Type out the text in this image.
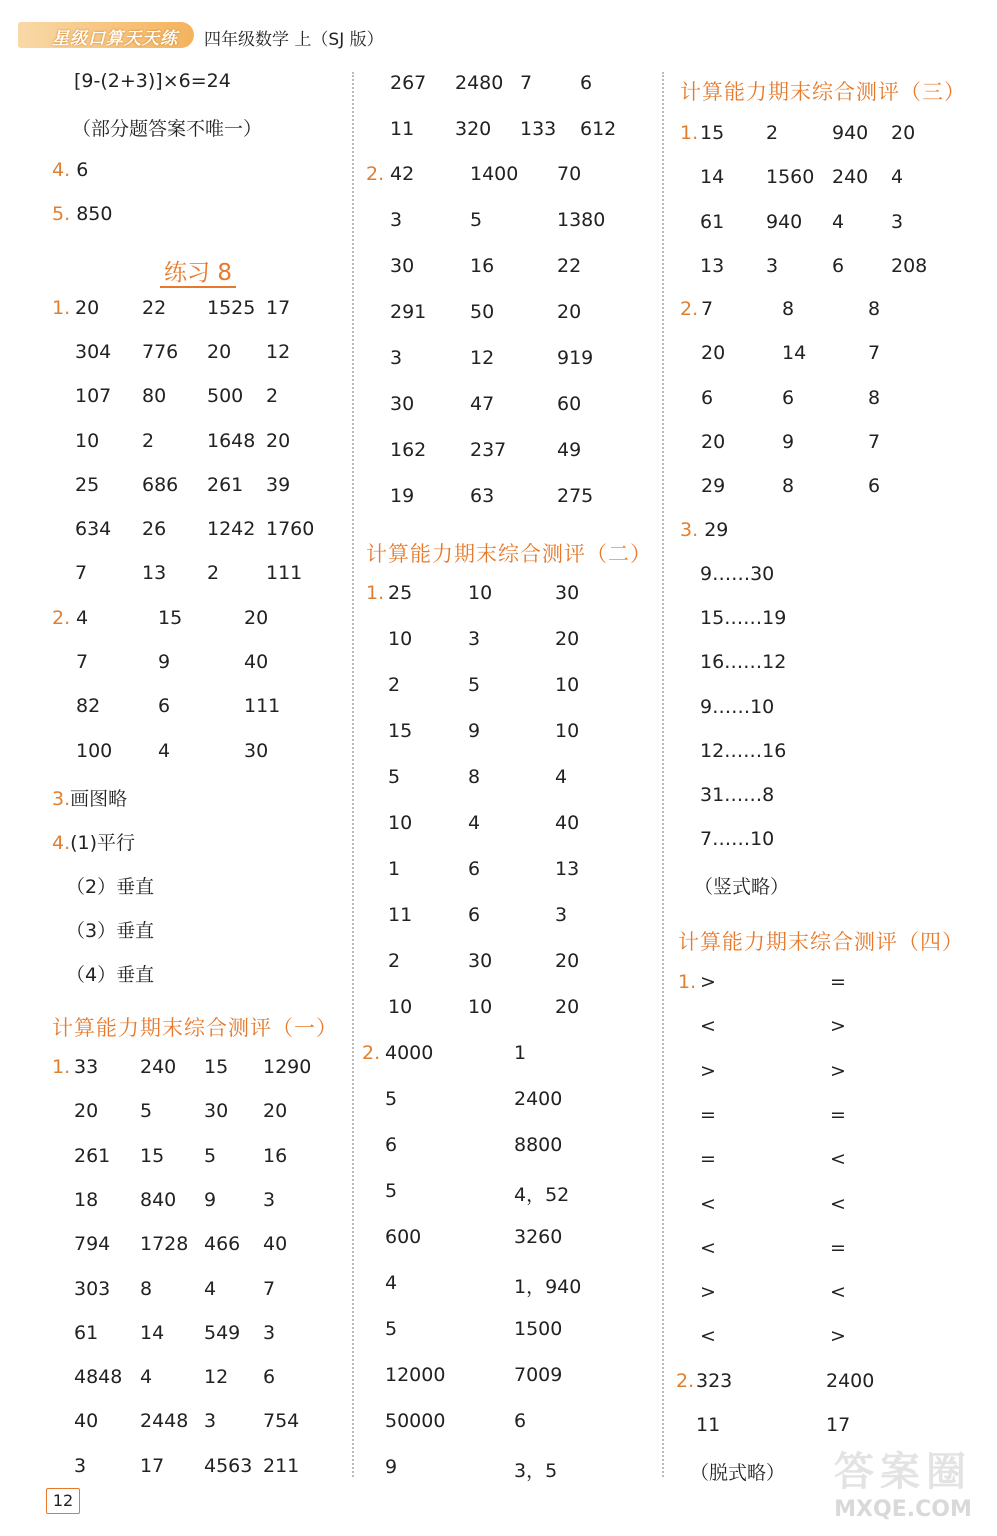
星级口算天天练 四年级数学 上（SJ 版）
[9-(2+3)]×6=24
（部分题答案不唯一）
4. 6
5. 850
练习 8
1. 20 22 1525 17
304 776 20 12
107 80 500 2
10 2	1648 20
25 686 261 39
634 26 1242 1760
7	13 2 111
2. 4	15	20
7	9	40
82	6	111
100 4	30
3.画图略
4.(1)平行
（2）垂直
（3）垂直
（4）垂直
计算能力期末综合测评（一）
1. 33 240 15 1290
20 5	30 20
261 15 5 16
18 840 9 3
794 1728 466 40
303 8	4 7
61 14 549 3
4848 4	12 6
40 2448 3 754
3	17 4563 211
267 2480 7	6
11 320 133 612
2. 42	1400 70
3	5	1380
30	16	22
291 50	20
3	12	919
30	47	60
162 237	49
19	63	275
计算能力期末综合测评（二）
1. 25	10	30
10	3	20
2	5	10
15	9	10
5	8	4
10	4	40
1	6	13
11	6	3
2	30	20
10	10	20
2. 4000	1
5	2400
6	8800
5	4，52
600	3260
4	1，940
5	1500
12000	7009
50000	6
9	3，5
计算能力期末综合测评（三）
1. 15 2	940 20
14 1560 240 4
61 940 4 3
13 3	6 208
2. 7	8	8
20	14	7
6	6	8
20	9	7
29	8	6
3. 29
9……30
15……19
16……12
9……10
12……16
31……8
7……10
（竖式略）
计算能力期末综合测评（四）
1. >	=
<	>
>	>
=	=
=	<
<	<
<	=
>	<
<	>
2. 323	2400
11	17
（脱式略）
12
答案圈
MXQE.COM
